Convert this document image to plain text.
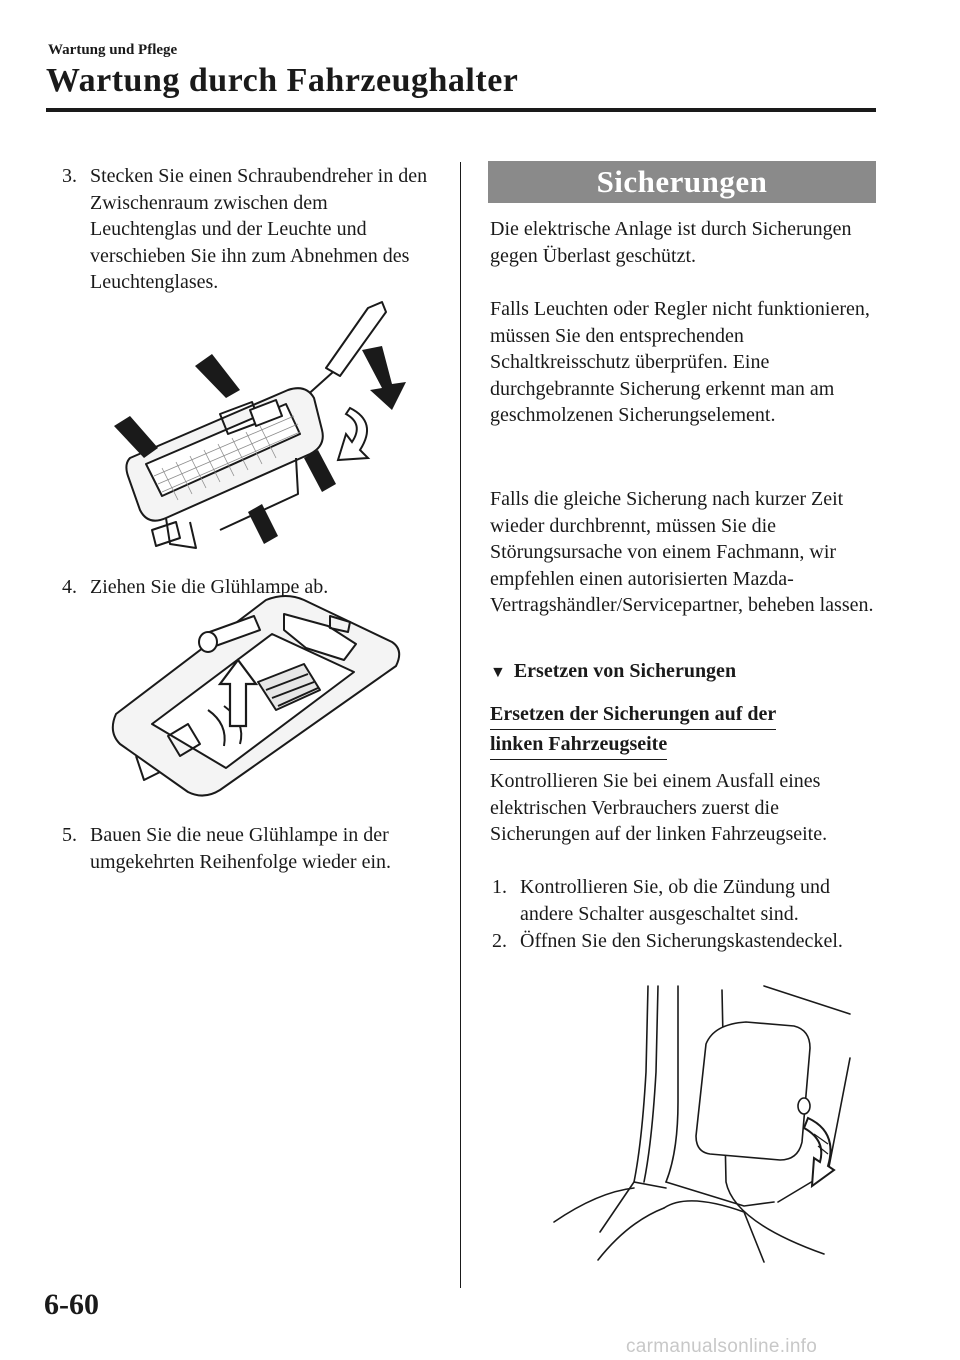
Wartung und Pflege
Wartung durch Fahrzeughalter
3. Stecken Sie einen Schraubendreher in den Zwischenraum zwischen dem Leuchtenglas und der Leuchte und verschieben Sie ihn zum Abnehmen des Leuchtenglases.
4. Ziehen Sie die Glühlampe ab.
5. Bauen Sie die neue Glühlampe in der umgekehrten Reihenfolge wieder ein.
Sicherungen
Die elektrische Anlage ist durch Sicherungen gegen Überlast geschützt.
Falls Leuchten oder Regler nicht funktionieren, müssen Sie den entsprechenden Schaltkreisschutz überprüfen. Eine durchgebrannte Sicherung erkennt man am geschmolzenen Sicherungselement.
Falls die gleiche Sicherung nach kurzer Zeit wieder durchbrennt, müssen Sie die Störungsursache von einem Fachmann, wir empfehlen einen autorisierten Mazda-Vertragshändler/Servicepartner, beheben lassen.
▼ Ersetzen von Sicherungen
Ersetzen der Sicherungen auf der
linken Fahrzeugseite
Kontrollieren Sie bei einem Ausfall eines elektrischen Verbrauchers zuerst die Sicherungen auf der linken Fahrzeugseite.
1. Kontrollieren Sie, ob die Zündung und andere Schalter ausgeschaltet sind.
2. Öffnen Sie den Sicherungskastendeckel.
6-60
carmanualsonline.info
